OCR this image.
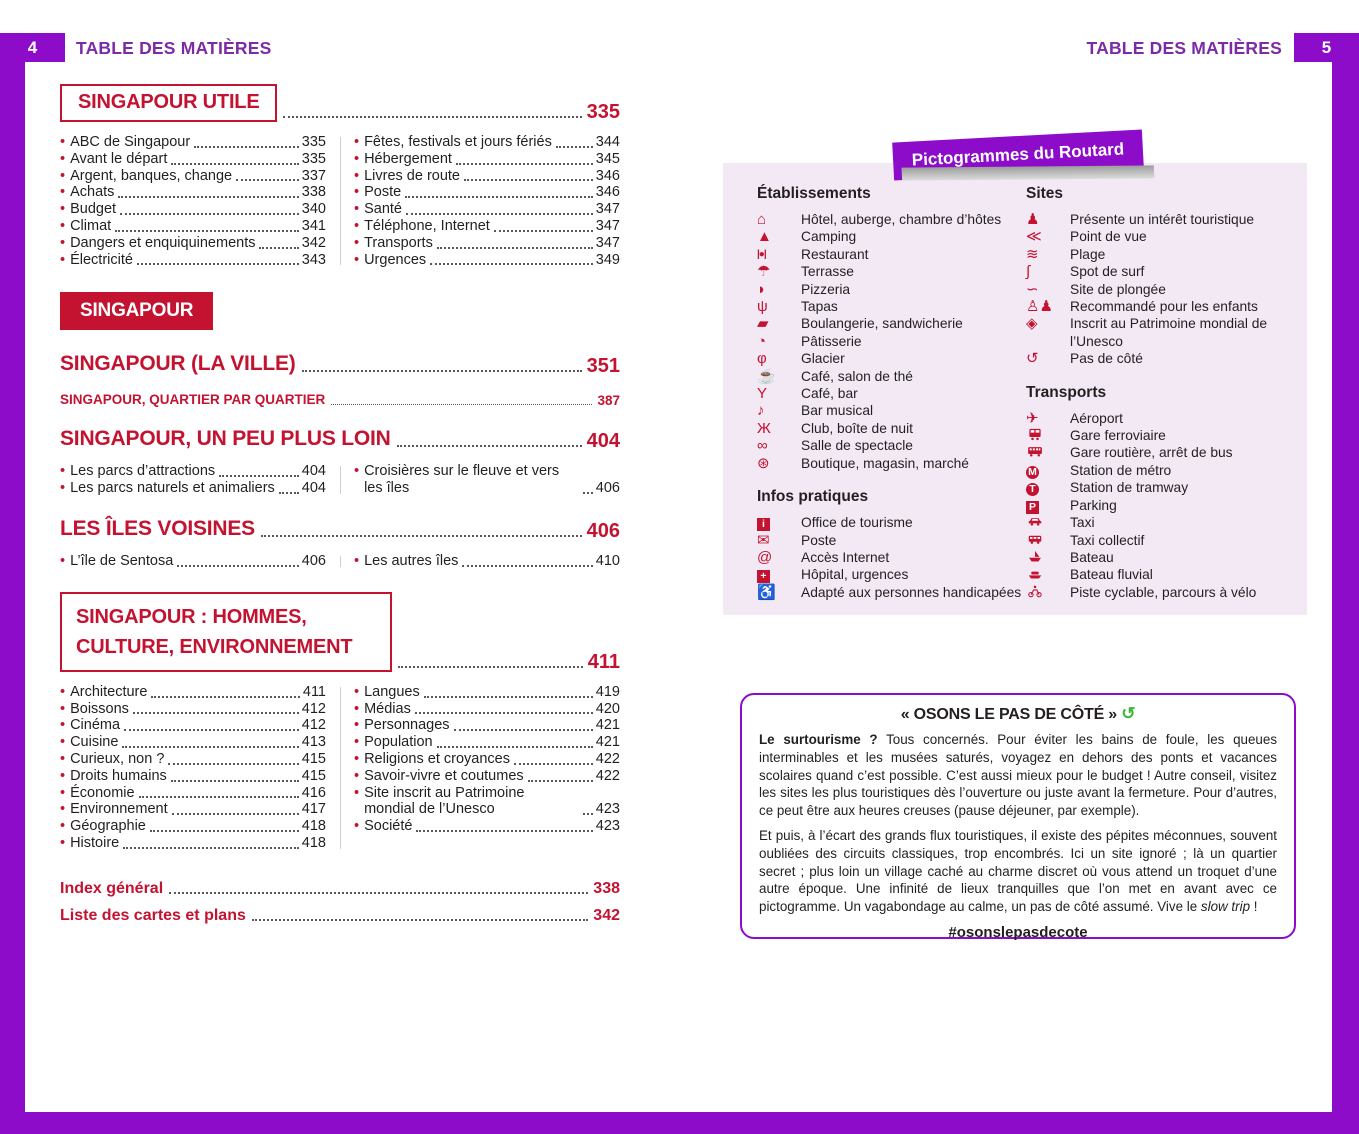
4	5
TABLE DES MATIÈRES	TABLE DES MATIÈRES
SINGAPOUR UTILE	335
• ABC de Singapour	335
• Avant le départ	335
• Argent, banques, change	337
• Achats	338
• Budget	340
• Climat	341
• Dangers et enquiquinements	342
• Électricité	343
• Fêtes, festivals et jours fériés	344
• Hébergement	345
• Livres de route	346
• Poste	346
• Santé	347
• Téléphone, Internet	347
• Transports	347
• Urgences	349
SINGAPOUR
SINGAPOUR (LA VILLE)	351
SINGAPOUR, QUARTIER PAR QUARTIER	387
SINGAPOUR, UN PEU PLUS LOIN	404
• Les parcs d’attractions	404
• Les parcs naturels et animaliers 404
• Croisières sur le fleuve et vers les îles	406
LES ÎLES VOISINES	406
• L’île de Sentosa	406 • Les autres îles	410
SINGAPOUR : HOMMES,
CULTURE, ENVIRONNEMENT
411
• Architecture	411
• Boissons	412
• Cinéma	412
• Cuisine	413
• Curieux, non ?	415
• Droits humains	415
• Économie	416
• Environnement	417
• Géographie	418
• Histoire	418
• Langues	419
• Médias	420
• Personnages	421
• Population	421
• Religions et croyances	422
• Savoir-vivre et coutumes	422
• Site inscrit au Patrimoine mondial de l’Unesco	423
• Société	423
Index général	338
Liste des cartes et plans	342
Établissements
⌂	Hôtel, auberge, chambre d’hôtes
▲	Camping
|●|	Restaurant
☂	Terrasse
◗	Pizzeria
ψ	Tapas
▰	Boulangerie, sandwicherie
◔	Pâtisserie
φ	Glacier
☕	Café, salon de thé
Y	Café, bar
♪	Bar musical
Ж	Club, boîte de nuit
∞	Salle de spectacle
⊛	Boutique, magasin, marché
Infos pratiques
i	Office de tourisme
✉	Poste
@	Accès Internet
+	Hôpital, urgences
♿	Adapté aux personnes handicapées
Sites
♟	Présente un intérêt touristique
≪	Point de vue
≋	Plage
∫	Spot de surf
∽	Site de plongée
♙♟	Recommandé pour les enfants
◈	Inscrit au Patrimoine mondial de l’Unesco
↺	Pas de côté
Transports
✈	Aéroport
Gare ferroviaire
Gare routière, arrêt de bus
M	Station de métro
T	Station de tramway
P	Parking
Taxi
Taxi collectif
Bateau
Bateau fluvial
Piste cyclable, parcours à vélo
Pictogrammes du Routard
« OSONS LE PAS DE CÔTÉ » ↺

Le surtourisme ? Tous concernés. Pour éviter les bains de foule, les queues interminables et les musées saturés, voyagez en dehors des ponts et vacances scolaires quand c’est possible. C’est aussi mieux pour le budget ! Autre conseil, visitez les sites les plus touristiques dès l’ouverture ou juste avant la fermeture. Pour d’autres, ce peut être aux heures creuses (pause déjeuner, par exemple).

Et puis, à l’écart des grands flux touristiques, il existe des pépites méconnues, souvent oubliées des circuits classiques, trop encombrés. Ici un site ignoré ; là un quartier secret ; plus loin un village caché au charme discret où vous attend un troquet d’une autre époque. Une infinité de lieux tranquilles que l’on met en avant avec ce pictogramme. Un vagabondage au calme, un pas de côté assumé. Vive le slow trip !

#osonslepasdecote
